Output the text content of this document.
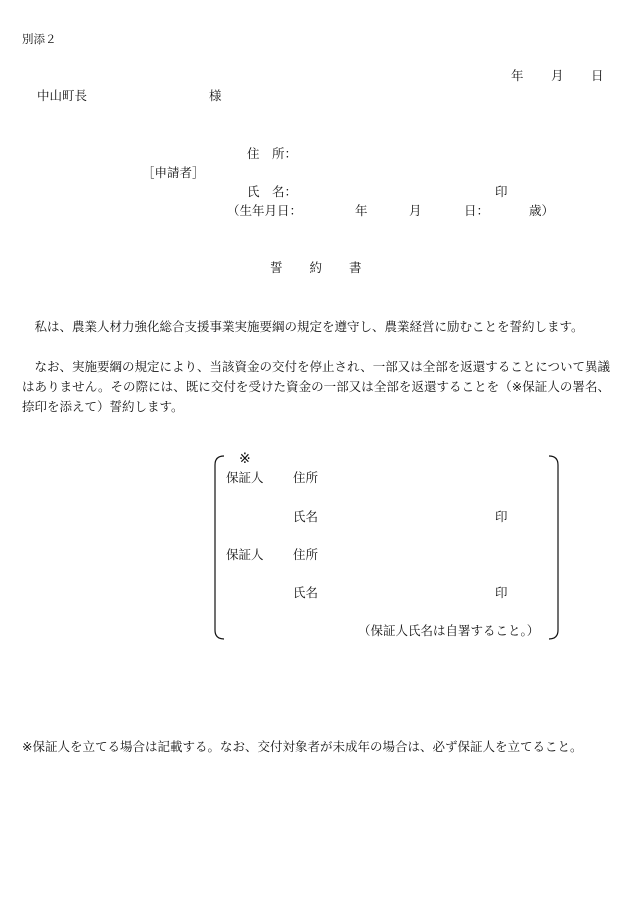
別添２
年 月 日
中山町長	様
住　所：
［申請者］
氏　名：	印
（生年月日：	年	月	日：	歳）
誓 約 書

私は、農業人材力強化総合支援事業実施要綱の規定を遵守し、農業経営に励むことを誓約します。

なお、実施要綱の規定により、当該資金の交付を停止され、一部又は全部を返還することについて異議はありません。その際には、既に交付を受けた資金の一部又は全部を返還することを（※保証人の署名、捺印を添えて）誓約します。

※
保証人 住所
氏名	印
保証人 住所
氏名	印
（保証人氏名は自署すること。）

※保証人を立てる場合は記載する。なお、交付対象者が未成年の場合は、必ず保証人を立てること。
